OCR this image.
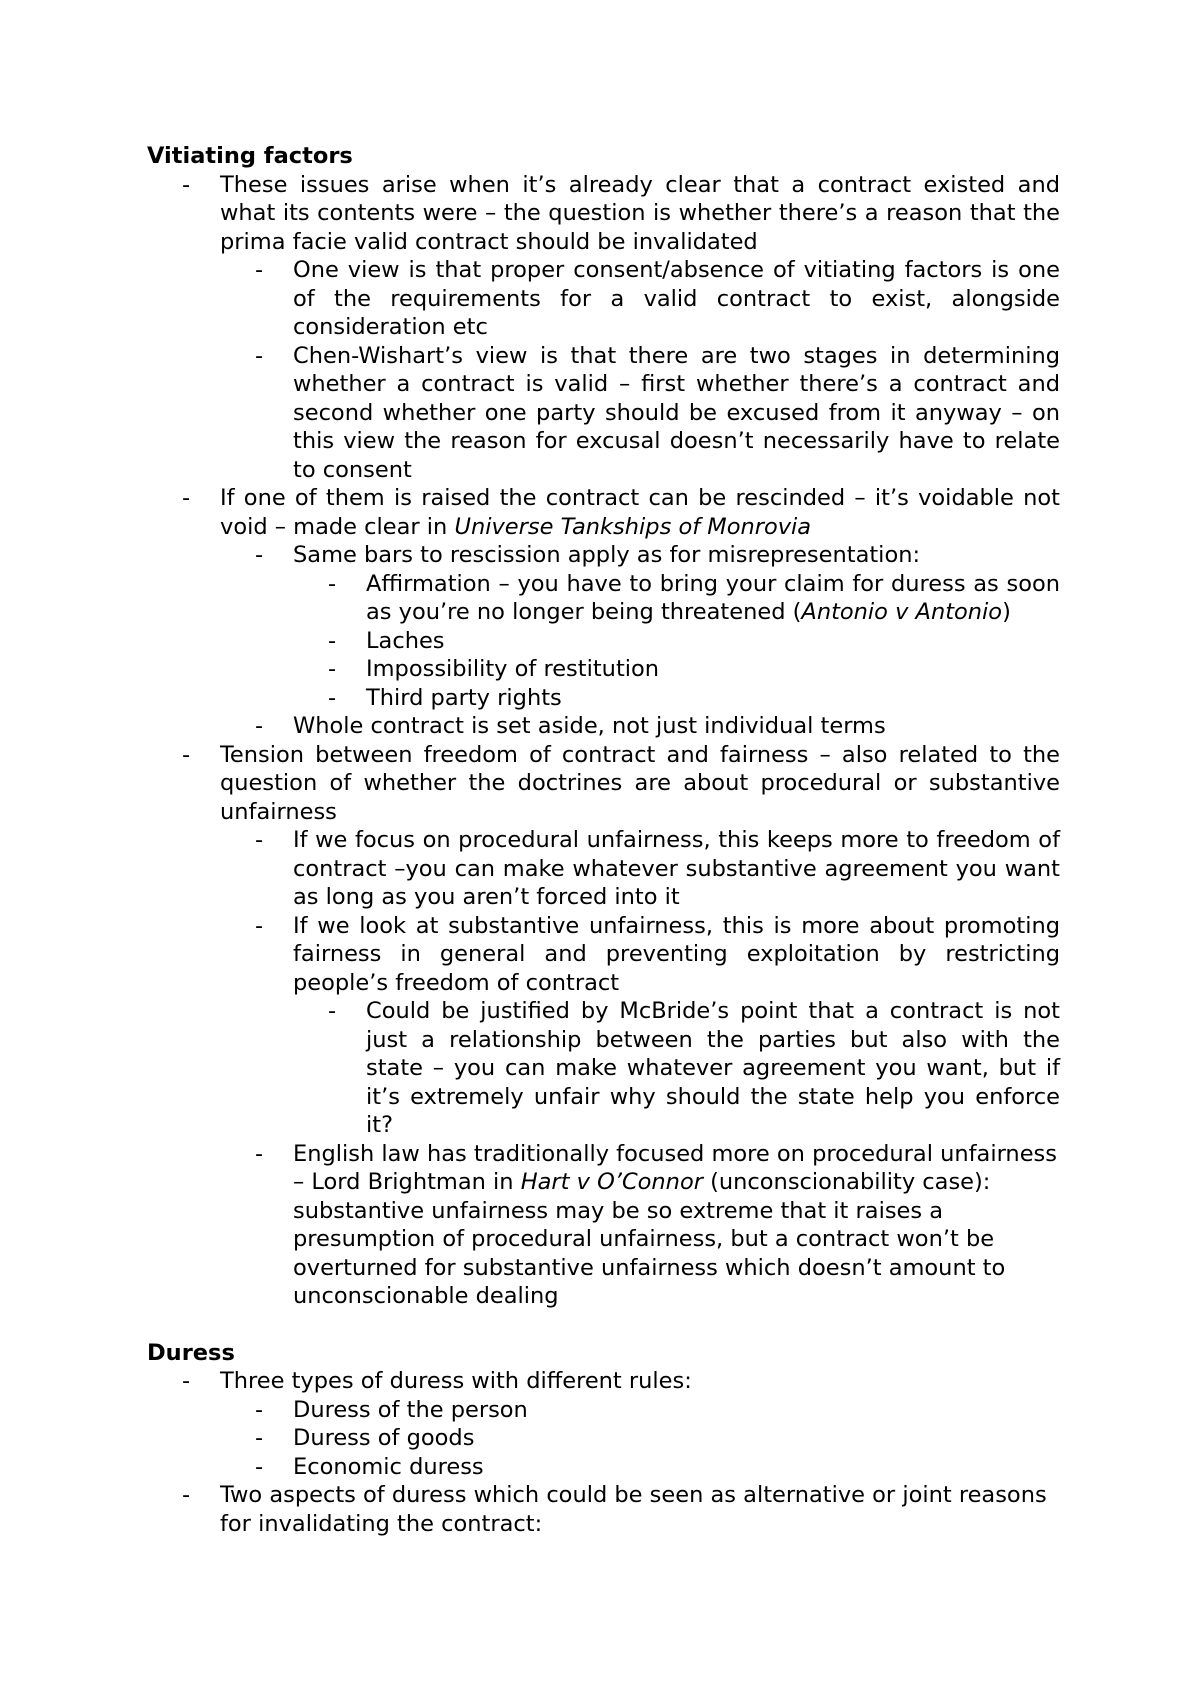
Vitiating factors
- These issues arise when it’s already clear that a contract existed and what its contents were – the question is whether there’s a reason that the prima facie valid contract should be invalidated
- One view is that proper consent/absence of vitiating factors is one of the requirements for a valid contract to exist, alongside consideration etc
- Chen-Wishart’s view is that there are two stages in determining whether a contract is valid – first whether there’s a contract and second whether one party should be excused from it anyway – on this view the reason for excusal doesn’t necessarily have to relate to consent
- If one of them is raised the contract can be rescinded – it’s voidable not void – made clear in Universe Tankships of Monrovia
- Same bars to rescission apply as for misrepresentation:
- Affirmation – you have to bring your claim for duress as soon as you’re no longer being threatened (Antonio v Antonio)
- Laches
- Impossibility of restitution
- Third party rights
- Whole contract is set aside, not just individual terms
- Tension between freedom of contract and fairness – also related to the question of whether the doctrines are about procedural or substantive unfairness
- If we focus on procedural unfairness, this keeps more to freedom of contract –you can make whatever substantive agreement you want as long as you aren’t forced into it
- If we look at substantive unfairness, this is more about promoting fairness in general and preventing exploitation by restricting people’s freedom of contract
- Could be justified by McBride’s point that a contract is not just a relationship between the parties but also with the state – you can make whatever agreement you want, but if it’s extremely unfair why should the state help you enforce it?
- English law has traditionally focused more on procedural unfairness – Lord Brightman in Hart v O’Connor (unconscionability case): substantive unfairness may be so extreme that it raises a presumption of procedural unfairness, but a contract won’t be overturned for substantive unfairness which doesn’t amount to unconscionable dealing
Duress
- Three types of duress with different rules:
- Duress of the person
- Duress of goods
- Economic duress
- Two aspects of duress which could be seen as alternative or joint reasons for invalidating the contract:
